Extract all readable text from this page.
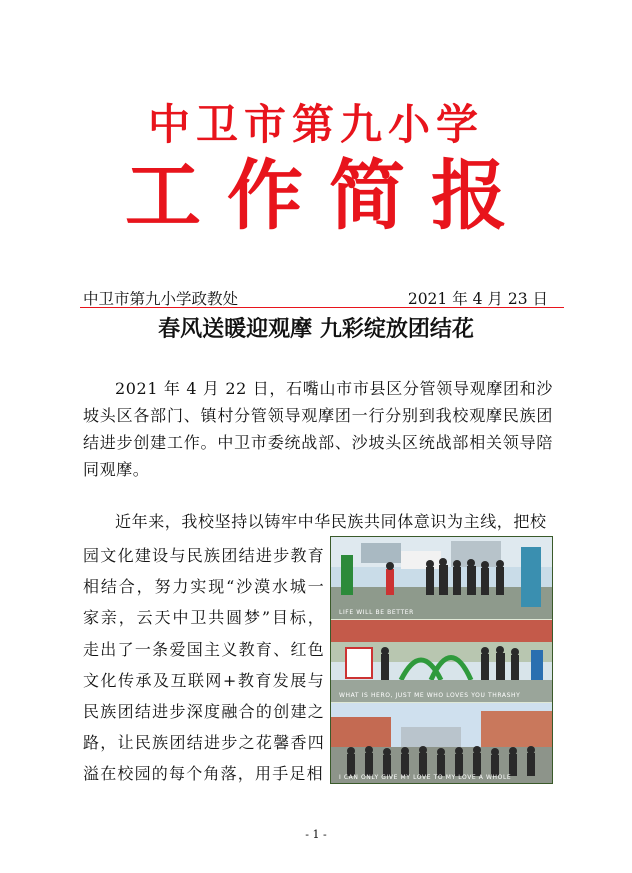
中卫市第九小学
工作简报
中卫市第九小学政教处	2021 年 4 月 23 日
春风送暖迎观摩 九彩绽放团结花

2021 年 4 月 22 日，石嘴山市市县区分管领导观摩团和沙坡头区各部门、镇村分管领导观摩团一行分别到我校观摩民族团结进步创建工作。中卫市委统战部、沙坡头区统战部相关领导陪同观摩。

近年来，我校坚持以铸牢中华民族共同体意识为主线，把校

园文化建设与民族团结进步教育相结合，努力实现“沙漠水城一家亲，云天中卫共圆梦”目标，走出了一条爱国主义教育、红色文化传承及互联网+教育发展与民族团结进步深度融合的创建之路，让民族团结进步之花馨香四溢在校园的每个角落，用手足相

LIFE WILL BE BETTER
WHAT IS HERO, JUST ME WHO LOVES YOU THRASHY
I CAN ONLY GIVE MY LOVE TO MY LOVE A WHOLE
- 1 -
